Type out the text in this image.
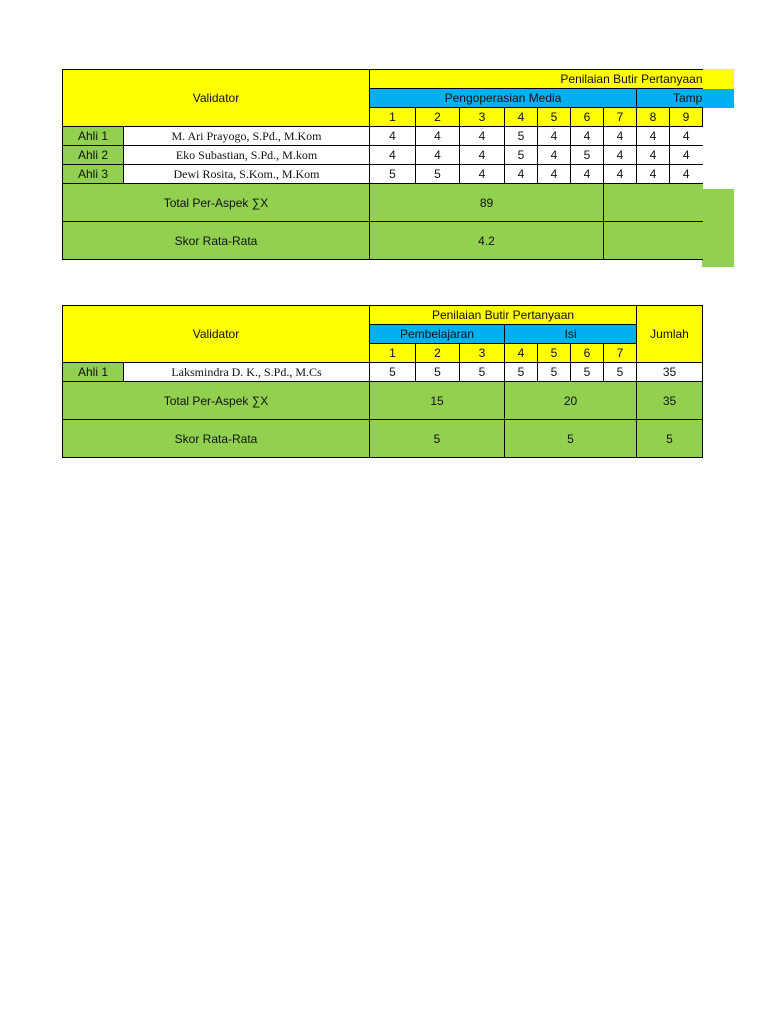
Validator		Penilaian Butir Pertanyaan								
		Pengoperasian Media							Tamp	
		1	2	3	4	5	6	7	8	9
Ahli 1	M. Ari Prayogo, S.Pd., M.Kom	4	4	4	5	4	4	4	4	4
Ahli 2	Eko Subastian, S.Pd., M.kom	4	4	4	5	4	5	4	4	4
Ahli 3	Dewi Rosita, S.Kom., M.Kom	5	5	4	4	4	4	4	4	4
Total Per-Aspek ∑X		89								
Skor Rata-Rata		4.2								
Validator		Penilaian Butir Pertanyaan							Jumlah
		Pembelajaran			Isi				
		1	2	3	4	5	6	7	
Ahli 1	Laksmindra D. K., S.Pd., M.Cs	5	5	5	5	5	5	5	35
Total Per-Aspek ∑X		15			20				35
Skor Rata-Rata		5			5				5
